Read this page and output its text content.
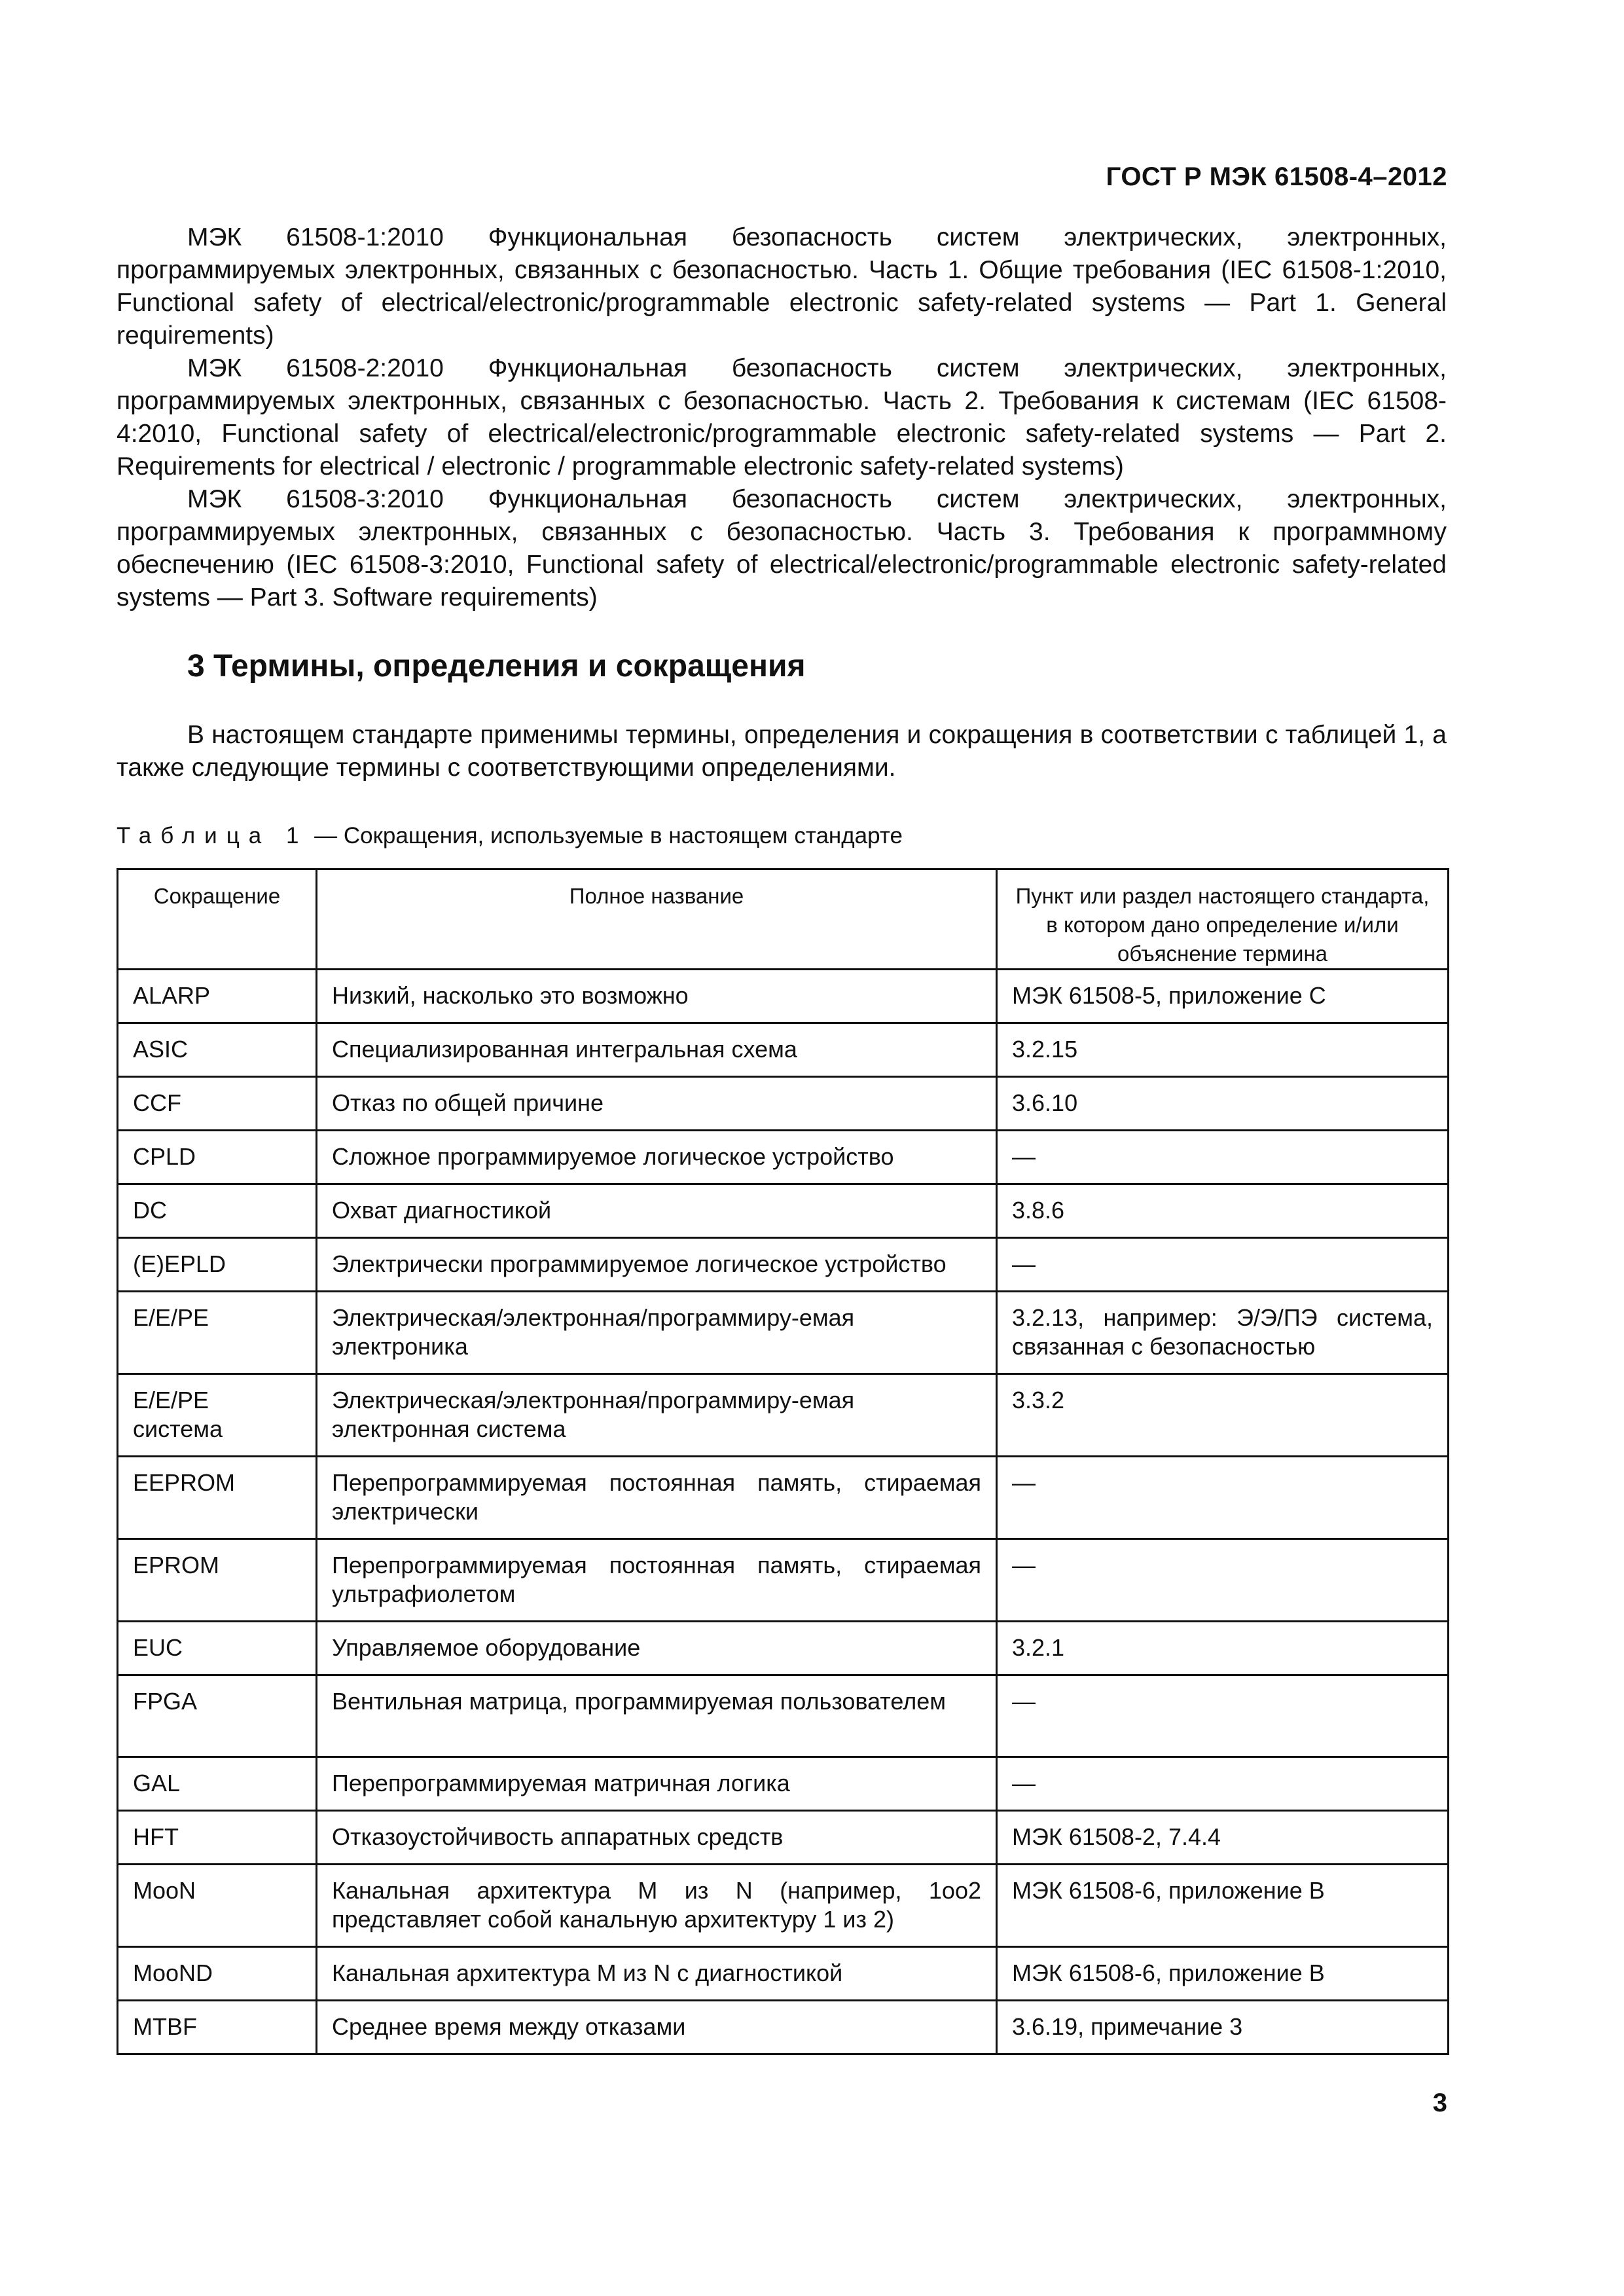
ГОСТ Р МЭК 61508-4–2012

МЭК 61508-1:2010 Функциональная безопасность систем электрических, электронных, программируемых электронных, связанных с безопасностью. Часть 1. Общие требования (IEC 61508-1:2010, Functional safety of electrical/electronic/programmable electronic safety-related systems — Part 1. General requirements)

МЭК 61508-2:2010 Функциональная безопасность систем электрических, электронных, программируемых электронных, связанных с безопасностью. Часть 2. Требования к системам (IEC 61508-4:2010, Functional safety of electrical/electronic/programmable electronic safety-related systems — Part 2. Requirements for electrical / electronic / programmable electronic safety-related systems)

МЭК 61508-3:2010 Функциональная безопасность систем электрических, электронных, программируемых электронных, связанных с безопасностью. Часть 3. Требования к программному обеспечению (IEC 61508-3:2010, Functional safety of electrical/electronic/programmable electronic safety-related systems — Part 3. Software requirements)

3 Термины, определения и сокращения

В настоящем стандарте применимы термины, определения и сокращения в соответствии с таблицей 1, а также следующие термины с соответствующими определениями.

Таблица 1 — Сокращения, используемые в настоящем стандарте
Сокращение	Полное название	Пункт или раздел настоящего стандарта, в котором дано определение и/или объяснение термина
ALARP	Низкий, насколько это возможно	МЭК 61508-5, приложение С
ASIC	Специализированная интегральная схема	3.2.15
CCF	Отказ по общей причине	3.6.10
CPLD	Сложное программируемое логическое устройство	—
DC	Охват диагностикой	3.8.6
(E)EPLD	Электрически программируемое логическое устройство	—
E/E/PE	Электрическая/электронная/программиру-емая электроника	3.2.13, например: Э/Э/ПЭ система, связанная с безопасностью
E/E/PE система	Электрическая/электронная/программиру-емая электронная система	3.3.2
EEPROM	Перепрограммируемая постоянная память, стираемая электрически	—
EPROM	Перепрограммируемая постоянная память, стираемая ультрафиолетом	—
EUC	Управляемое оборудование	3.2.1
FPGA	Вентильная матрица, программируемая пользователем	—
GAL	Перепрограммируемая матричная логика	—
HFT	Отказоустойчивость аппаратных средств	МЭК 61508-2, 7.4.4
MooN	Канальная архитектура М из N (например, 1oo2 представляет собой канальную архитектуру 1 из 2)	МЭК 61508-6, приложение В
MooND	Канальная архитектура М из N с диагностикой	МЭК 61508-6, приложение В
MTBF	Среднее время между отказами	3.6.19, примечание 3
3
